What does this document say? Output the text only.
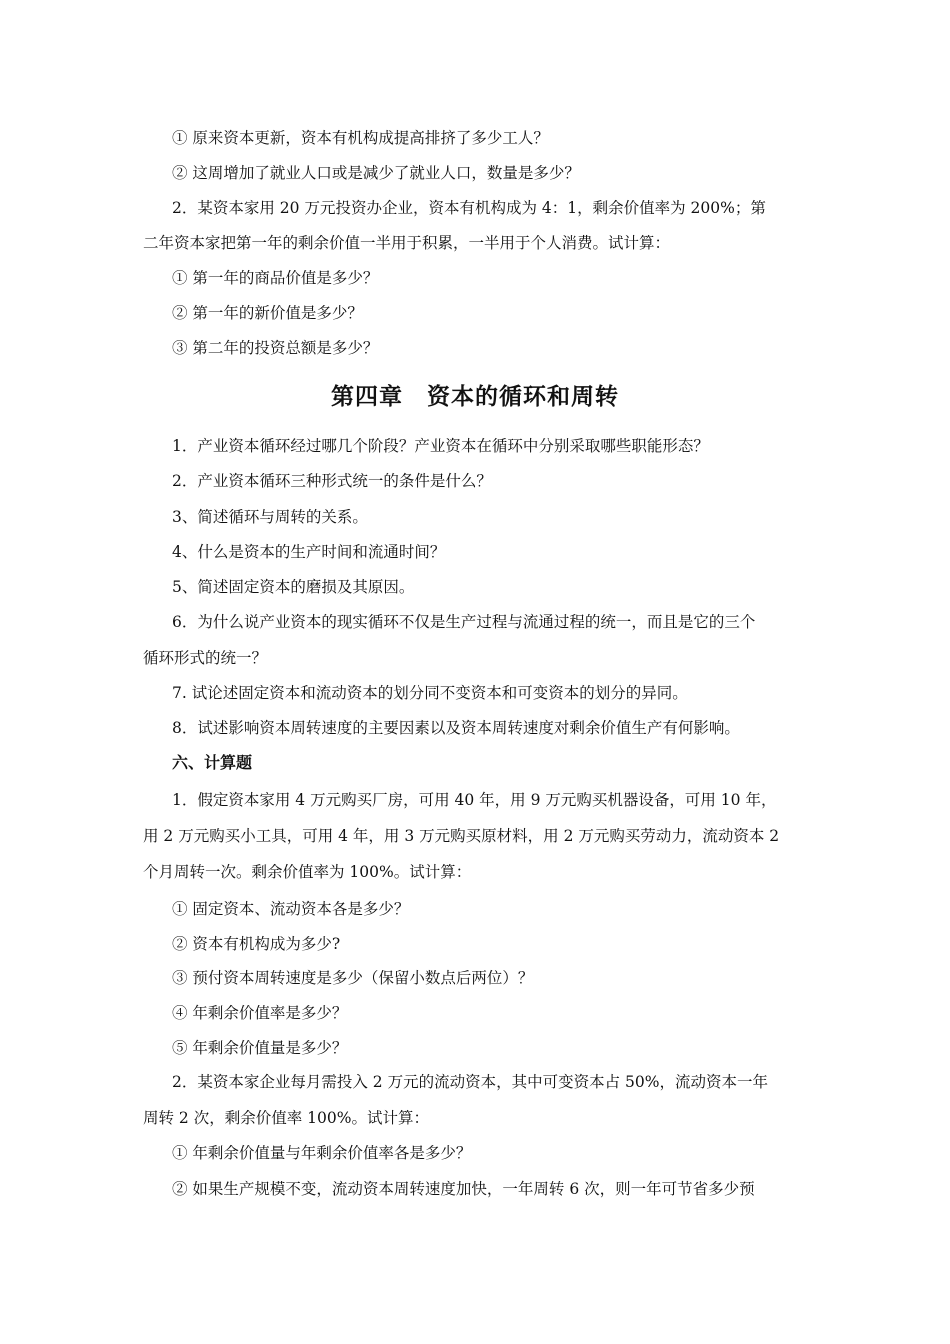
① 原来资本更新，资本有机构成提高排挤了多少工人？
② 这周增加了就业人口或是减少了就业人口，数量是多少？
2．某资本家用 20 万元投资办企业，资本有机构成为 4：1，剩余价值率为 200%；第
二年资本家把第一年的剩余价值一半用于积累，一半用于个人消费。试计算：
① 第一年的商品价值是多少？
② 第一年的新价值是多少？
③ 第二年的投资总额是多少？
第四章　资本的循环和周转
1．产业资本循环经过哪几个阶段？产业资本在循环中分别采取哪些职能形态？
2．产业资本循环三种形式统一的条件是什么？
3、简述循环与周转的关系。
4、什么是资本的生产时间和流通时间？
5、简述固定资本的磨损及其原因。
6．为什么说产业资本的现实循环不仅是生产过程与流通过程的统一，而且是它的三个
循环形式的统一？
7. 试论述固定资本和流动资本的划分同不变资本和可变资本的划分的异同。
8．试述影响资本周转速度的主要因素以及资本周转速度对剩余价值生产有何影响。
六、计算题
1．假定资本家用 4 万元购买厂房，可用 40 年，用 9 万元购买机器设备，可用 10 年，
用 2 万元购买小工具，可用 4 年，用 3 万元购买原材料，用 2 万元购买劳动力，流动资本 2
个月周转一次。剩余价值率为 100%。试计算：
① 固定资本、流动资本各是多少？
② 资本有机构成为多少?
③ 预付资本周转速度是多少（保留小数点后两位）？
④ 年剩余价值率是多少？
⑤ 年剩余价值量是多少？
2．某资本家企业每月需投入 2 万元的流动资本，其中可变资本占 50%，流动资本一年
周转 2 次，剩余价值率 100%。试计算：
① 年剩余价值量与年剩余价值率各是多少？
② 如果生产规模不变，流动资本周转速度加快，一年周转 6 次，则一年可节省多少预
